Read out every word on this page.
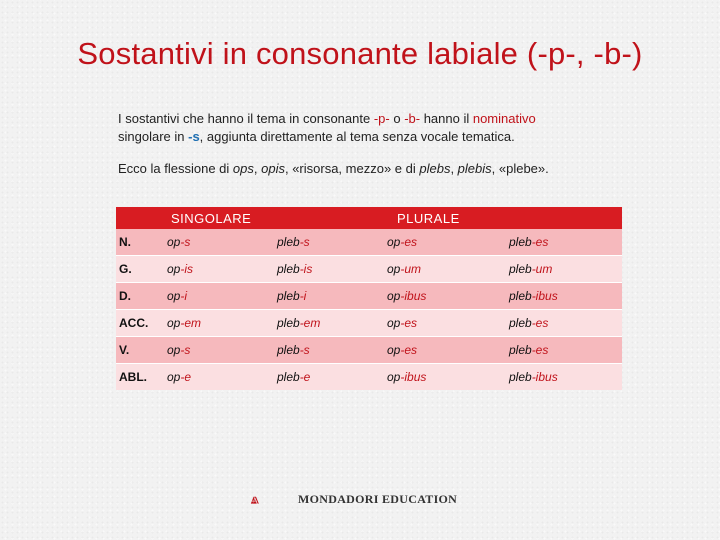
Sostantivi in consonante labiale (-p-, -b-)
I sostantivi che hanno il tema in consonante -p- o -b- hanno il nominativo
singolare in -s, aggiunta direttamente al tema senza vocale tematica.
Ecco la flessione di ops, opis, «risorsa, mezzo» e di plebs, plebis, «plebe».
	SINGOLARE		PLURALE	
N.	op-s	pleb-s	op-es	pleb-es
G.	op-is	pleb-is	op-um	pleb-um
D.	op-i	pleb-i	op-ibus	pleb-ibus
ACC.	op-em	pleb-em	op-es	pleb-es
V.	op-s	pleb-s	op-es	pleb-es
ABL.	op-e	pleb-e	op-ibus	pleb-ibus
MONDADORI EDUCATION
